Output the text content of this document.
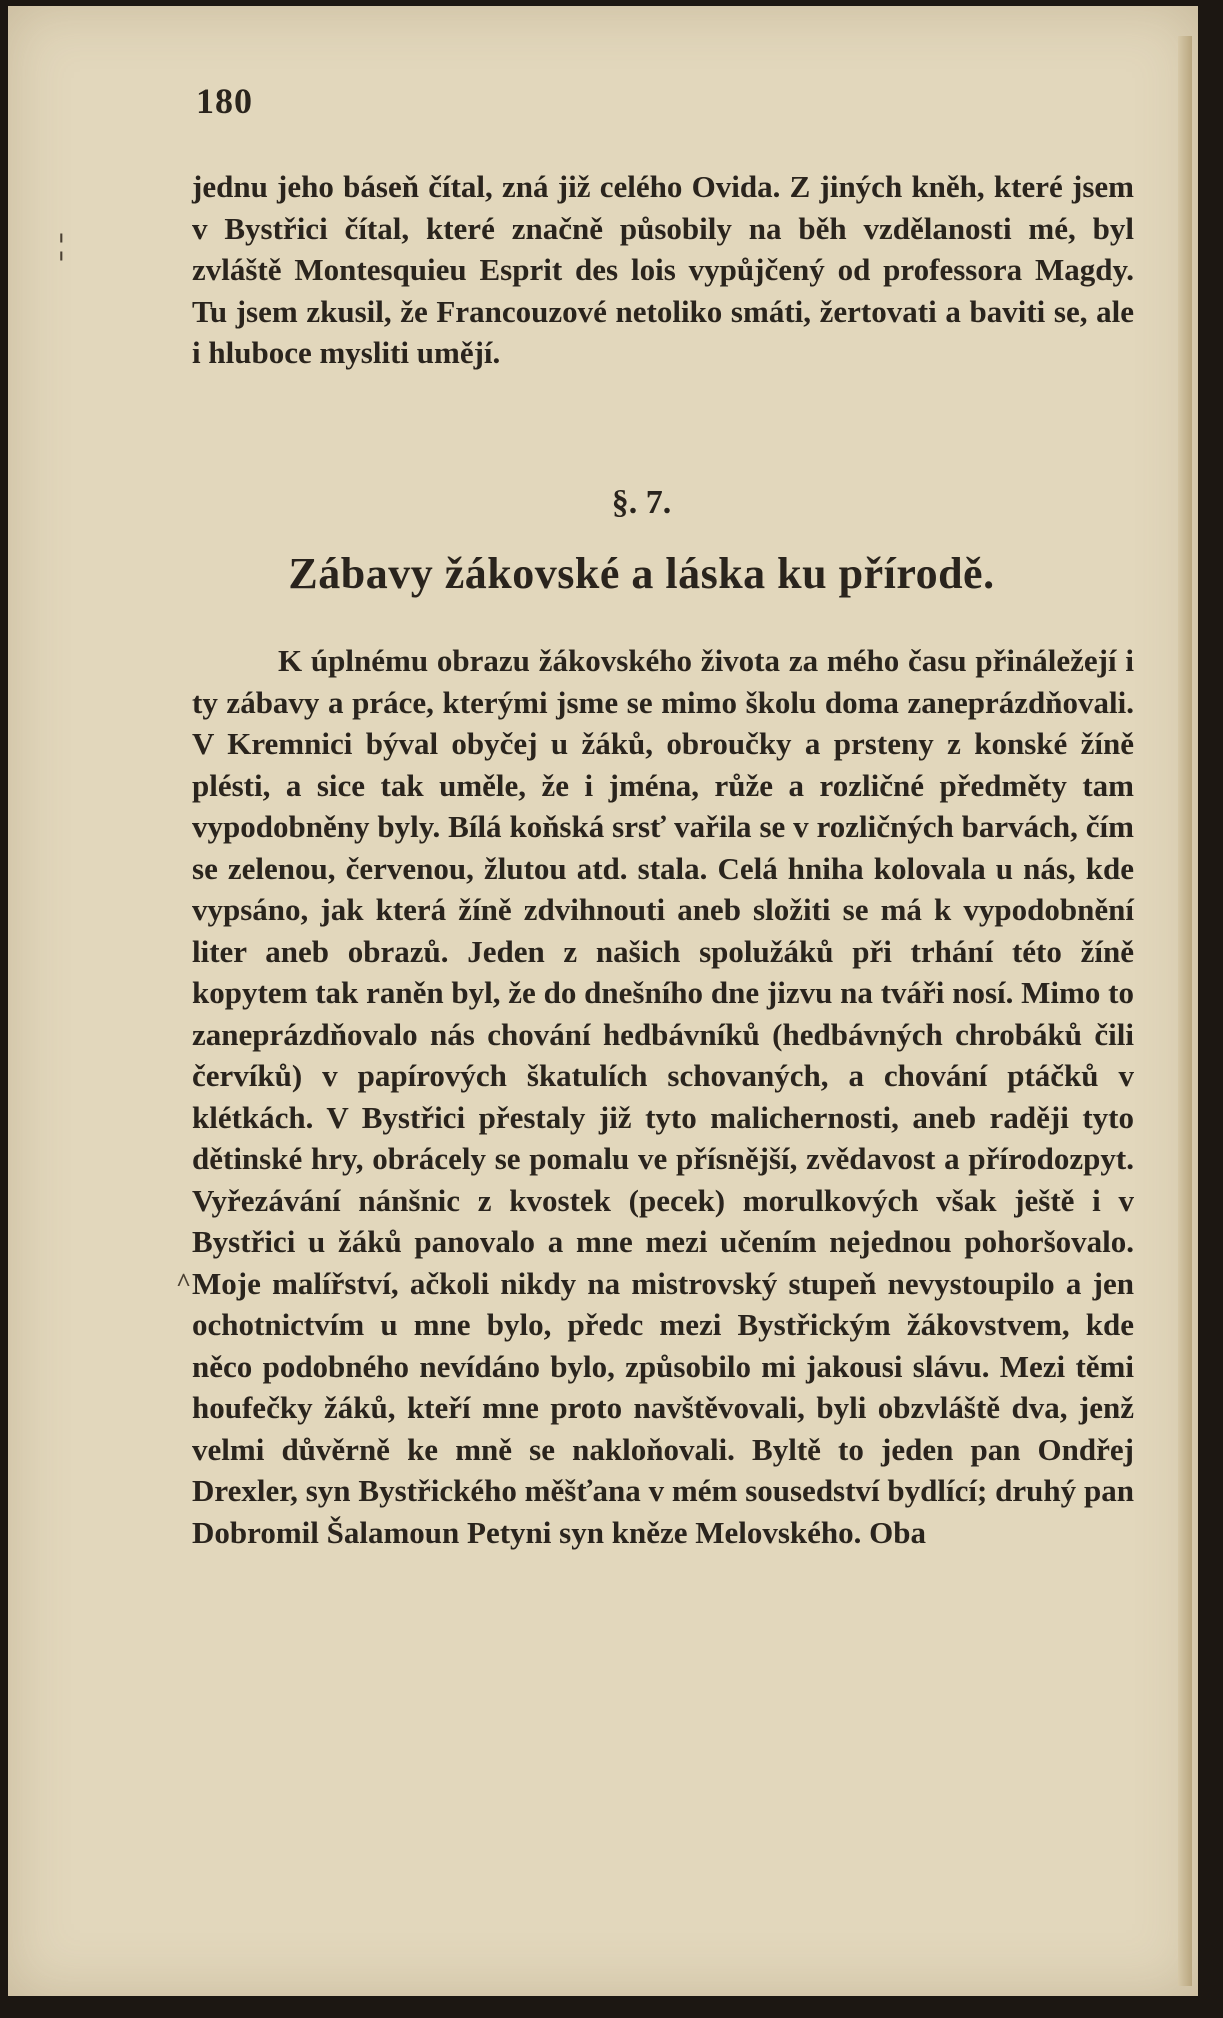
180

jednu jeho báseň čítal, zná již celého Ovida. Z jiných kněh, které jsem v Bystřici čítal, které značně působily na běh vzdělanosti mé, byl zvláště Montesquieu Esprit des lois vypůjčený od professora Magdy. Tu jsem zkusil, že Francouzové netoliko smáti, žertovati a baviti se, ale i hluboce mysliti umějí.

§. 7.
Zábavy žákovské a láska ku přírodě.

K úplnému obrazu žákovského života za mého času přináležejí i ty zábavy a práce, kterými jsme se mimo školu doma zaneprázdňovali. V Kremnici býval obyčej u žáků, obroučky a prsteny z konské žíně plésti, a sice tak uměle, že i jména, růže a rozličné předměty tam vypodobněny byly. Bílá koňská srsť vařila se v rozličných barvách, čím se zelenou, červenou, žlutou atd. stala. Celá hniha kolovala u nás, kde vypsáno, jak která žíně zdvihnouti aneb složiti se má k vypodobnění liter aneb obrazů. Jeden z našich spolužáků při trhání této žíně kopytem tak raněn byl, že do dnešního dne jizvu na tváři nosí. Mimo to zaneprázdňovalo nás chování hedbávníků (hedbávných chrobáků čili červíků) v papírových škatulích schovaných, a chování ptáčků v klétkách. V Bystřici přestaly již tyto malichernosti, aneb raději tyto dětinské hry, obrácely se pomalu ve přísnější, zvědavost a přírodozpyt. Vyřezávání nánšnic z kvostek (pecek) morulkových však ještě i v Bystřici u žáků panovalo a mne mezi učením nejednou pohoršovalo. Moje malířství, ačkoli nikdy na mistrovský stupeň nevystoupilo a jen ochotnictvím u mne bylo, předc mezi Bystřickým žákovstvem, kde něco podobného nevídáno bylo, způsobilo mi jakousi slávu. Mezi těmi houfečky žáků, kteří mne proto navštěvovali, byli obzvláště dva, jenž velmi důvěrně ke mně se nakloňovali. Byltě to jeden pan Ondřej Drexler, syn Bystřického měšťana v mém sousedství bydlící; druhý pan Dobromil Šalamoun Petyni syn kněze Melovského. Oba

¦
^
